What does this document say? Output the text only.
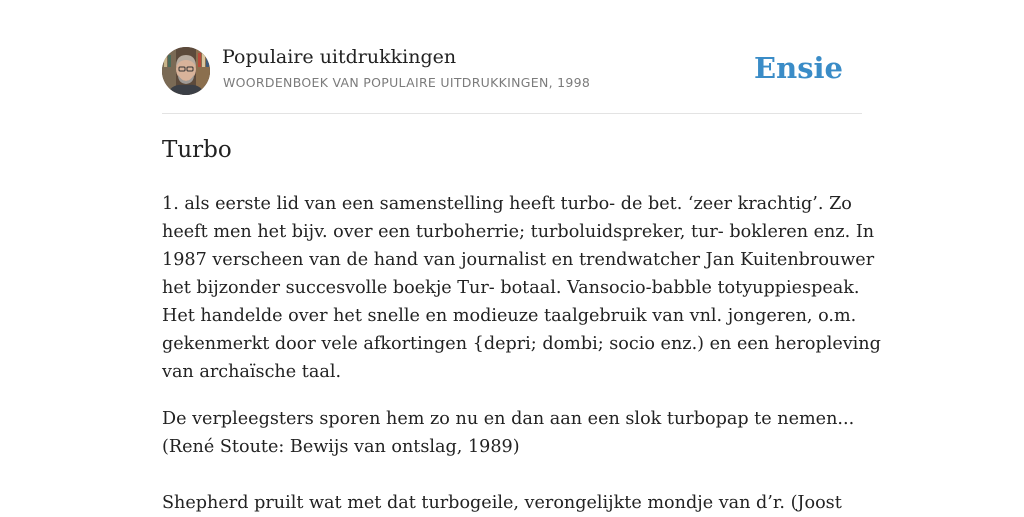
Populaire uitdrukkingen
WOORDENBOEK VAN POPULAIRE UITDRUKKINGEN, 1998	Ensie
Turbo
1. als eerste lid van een samenstelling heeft turbo- de bet. ‘zeer krachtig’. Zo
heeft men het bijv. over een turboherrie; turboluidspreker, tur- bokleren enz. In
1987 verscheen van de hand van journalist en trendwatcher Jan Kuitenbrouwer
het bijzonder succesvolle boekje Tur- botaal. Vansocio-babble totyuppiespeak.
Het handelde over het snelle en modieuze taalgebruik van vnl. jongeren, o.m.
gekenmerkt door vele afkortingen {depri; dombi; socio enz.) en een heropleving
van archaïsche taal.
De verpleegsters sporen hem zo nu en dan aan een slok turbopap te nemen...
(René Stoute: Bewijs van ontslag, 1989)
Shepherd pruilt wat met dat turbogeile, verongelijkte mondje van d’r. (Joost
